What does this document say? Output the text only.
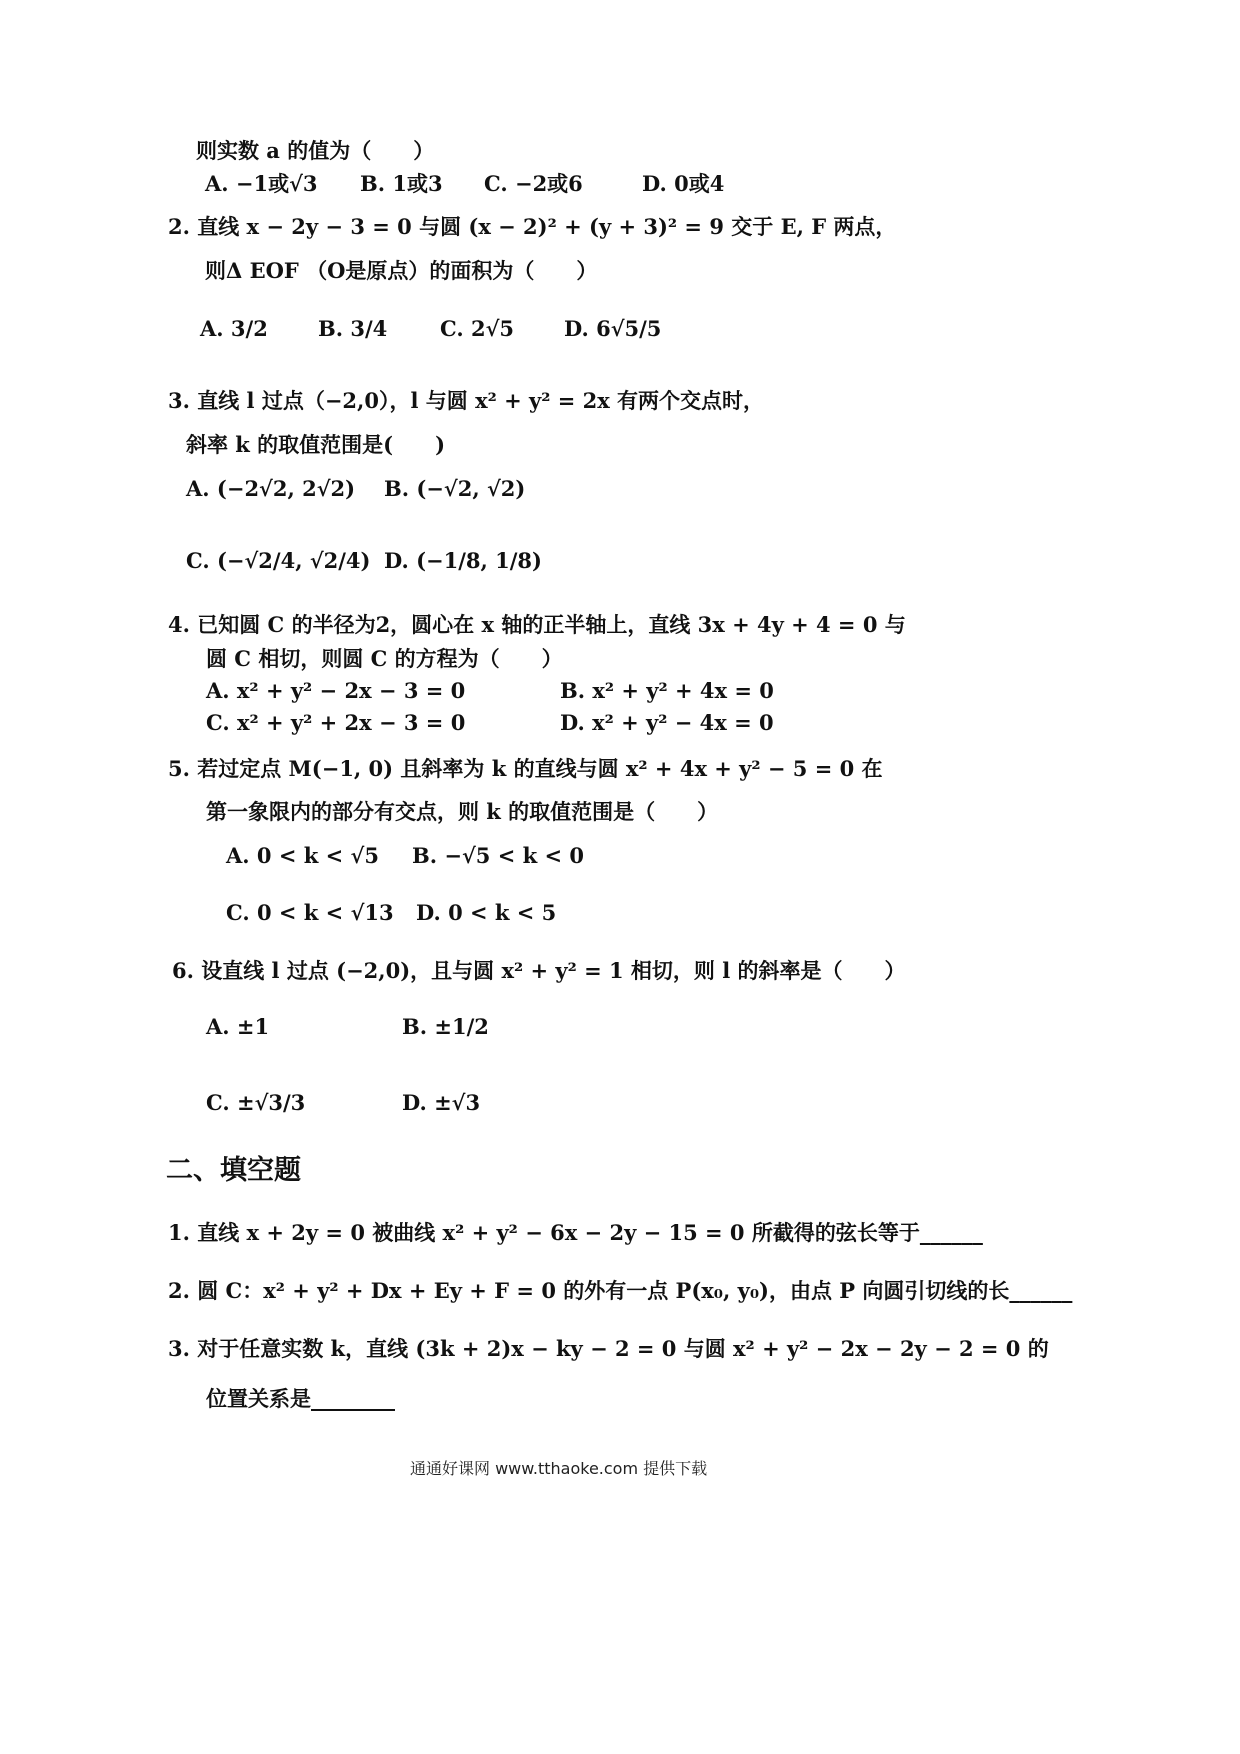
则实数 a 的值为（　　）
A. −1或√3 B. 1或3 C. −2或6	D. 0或4
2. 直线 x − 2y − 3 = 0 与圆 (x − 2)² + (y + 3)² = 9 交于 E, F 两点，
则Δ EOF （O是原点）的面积为（　　）
A. 3/2 B. 3/4	C. 2√5 D. 6√5/5
3. 直线 l 过点（−2,0），l 与圆 x² + y² = 2x 有两个交点时，
斜率 k 的取值范围是(　　)
A. (−2√2, 2√2) B. (−√2, √2)
C. (−√2/4, √2/4) D. (−1/8, 1/8)
4. 已知圆 C 的半径为2，圆心在 x 轴的正半轴上，直线 3x + 4y + 4 = 0 与
圆 C 相切，则圆 C 的方程为（　　）
A. x² + y² − 2x − 3 = 0	B. x² + y² + 4x = 0
C. x² + y² + 2x − 3 = 0	D. x² + y² − 4x = 0
5. 若过定点 M(−1, 0) 且斜率为 k 的直线与圆 x² + 4x + y² − 5 = 0 在
第一象限内的部分有交点，则 k 的取值范围是（　　）
A. 0 < k < √5 B. −√5 < k < 0
C. 0 < k < √13 D. 0 < k < 5
6. 设直线 l 过点 (−2,0)，且与圆 x² + y² = 1 相切，则 l 的斜率是（　　）
A. ±1	B. ±1/2
C. ±√3/3	D. ±√3
二、填空题
1. 直线 x + 2y = 0 被曲线 x² + y² − 6x − 2y − 15 = 0 所截得的弦长等于______
2. 圆 C：x² + y² + Dx + Ey + F = 0 的外有一点 P(x₀, y₀)，由点 P 向圆引切线的长______
3. 对于任意实数 k，直线 (3k + 2)x − ky − 2 = 0 与圆 x² + y² − 2x − 2y − 2 = 0 的
位置关系是________
通通好课网 www.tthaoke.com 提供下载
